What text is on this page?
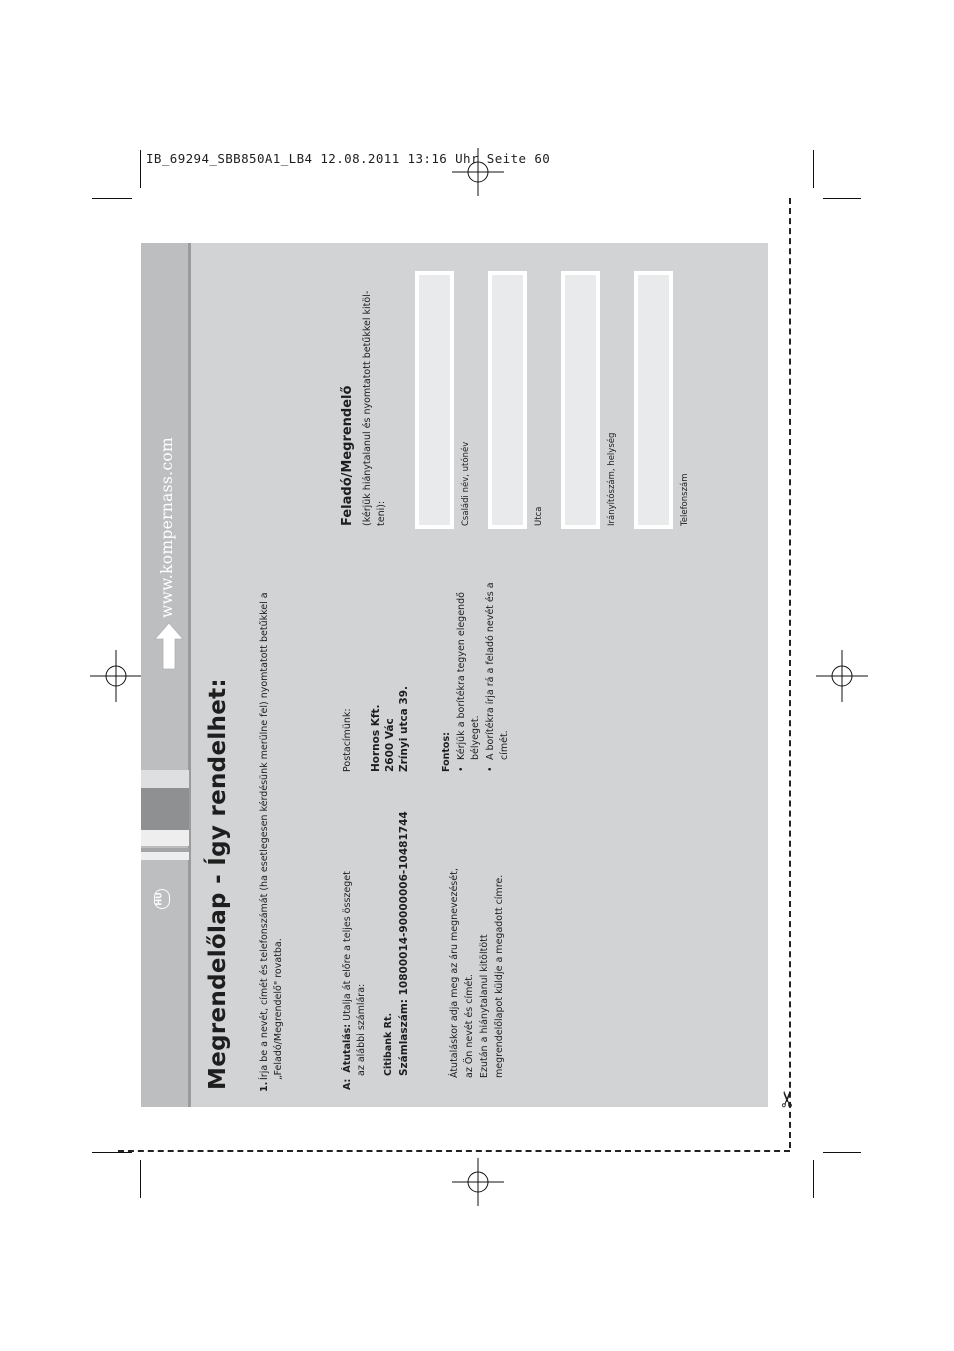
IB_69294_SBB850A1_LB4 12.08.2011 13:16 Uhr Seite 60
✂
www.kompernass.com
HU Megrendelőlap - Így rendelhet:	1.
Írja be a nevét, címét és telefonszámát (ha esetlegesen kérdésünk merülne fel) nyomtatott betűkkel a „Feladó/Megrendelő" rovatba.
A:  Átutalás: Utalja át előre a teljes összeget
az alábbi számlára: Citibank Rt. Számlaszám: 10800014-90000006-10481744	Átutaláskor adja meg az áru megnevezését, az Ön nevét és címét. Ezután a hiánytalanul kitöltött megrendelőlapot küldje a megadott címre.
Postacímünk: Hornos Kft. 2600 Vác Zrínyi utca 39.	Fontos: •
Kérjük a borítékra tegyen elegendő bélyeget.
•
A borítékra írja rá a feladó nevét és a címét.
Feladó/Megrendelő (kérjük hiánytalanul és nyomtatott betűkkel kitöl- teni):	Családi név, utónév	Utca	Irányítószám, helység	Telefonszám
